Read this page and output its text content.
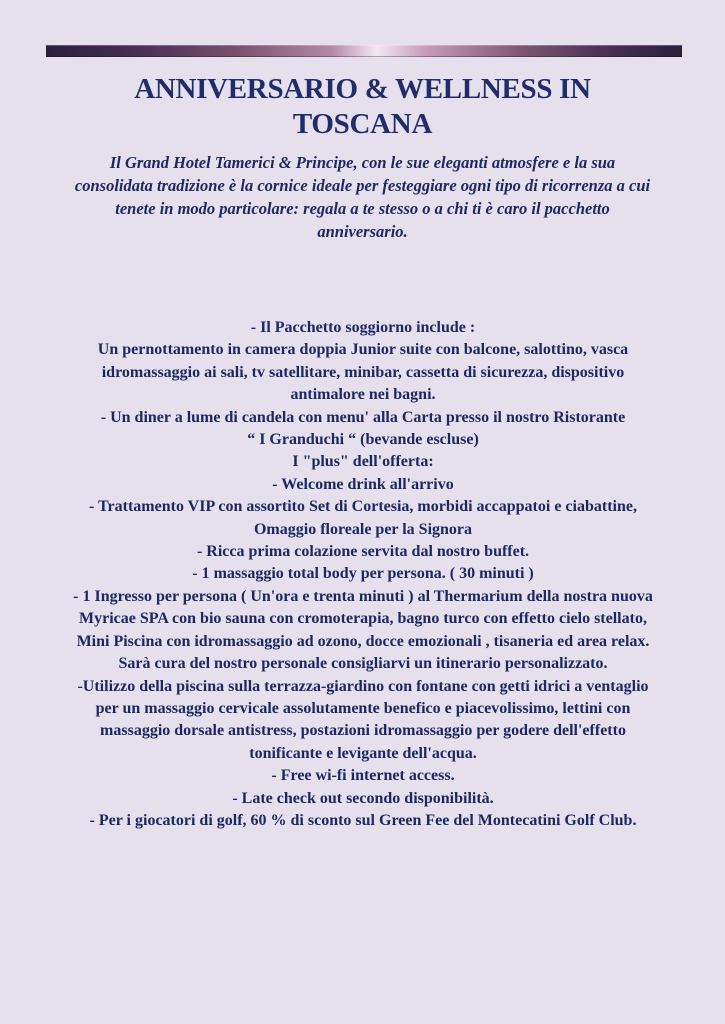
ANNIVERSARIO & WELLNESS IN
TOSCANA

Il Grand Hotel Tamerici & Principe, con le sue eleganti atmosfere e la sua
consolidata tradizione è la cornice ideale per festeggiare ogni tipo di ricorrenza a cui
tenete in modo particolare: regala a te stesso o a chi ti è caro il pacchetto
anniversario.

- Il Pacchetto soggiorno include :
Un pernottamento in camera doppia Junior suite con balcone, salottino, vasca
idromassaggio ai sali, tv satellitare, minibar, cassetta di sicurezza, dispositivo
antimalore nei bagni.
- Un diner a lume di candela con menu' alla Carta presso il nostro Ristorante
“ I Granduchi “ (bevande escluse)
I "plus" dell'offerta:
- Welcome drink all'arrivo
- Trattamento VIP con assortito Set di Cortesia, morbidi accappatoi e ciabattine,
Omaggio floreale per la Signora
- Ricca prima colazione servita dal nostro buffet.
- 1 massaggio total body per persona. ( 30 minuti )
- 1 Ingresso per persona ( Un'ora e trenta minuti ) al Thermarium della nostra nuova
Myricae SPA con bio sauna con cromoterapia, bagno turco con effetto cielo stellato,
Mini Piscina con idromassaggio ad ozono, docce emozionali , tisaneria ed area relax.
Sarà cura del nostro personale consigliarvi un itinerario personalizzato.
-Utilizzo della piscina sulla terrazza-giardino con fontane con getti idrici a ventaglio
per un massaggio cervicale assolutamente benefico e piacevolissimo, lettini con
massaggio dorsale antistress, postazioni idromassaggio per godere dell'effetto
tonificante e levigante dell'acqua.
- Free wi-fi internet access.
- Late check out secondo disponibilità.
- Per i giocatori di golf, 60 % di sconto sul Green Fee del Montecatini Golf Club.
